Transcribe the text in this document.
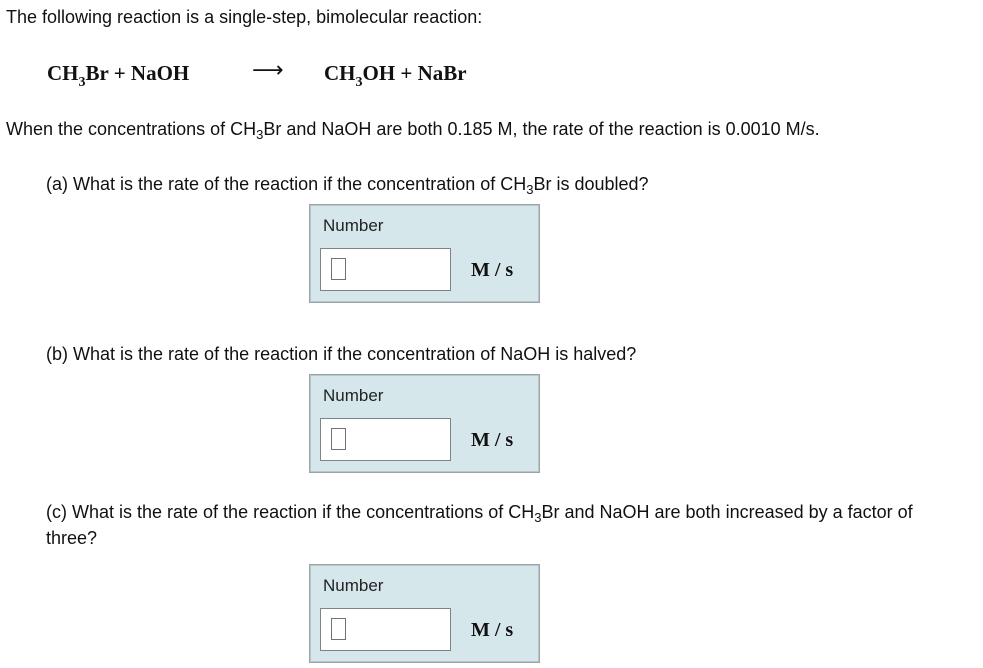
The following reaction is a single-step, bimolecular reaction:
$CH_3Br$ + NaOH	⟶ $CH_3OH$ + NaBr
When the concentrations of $CH_3Br$ and NaOH are both 0.185 M, the rate of the reaction is 0.0010 M/s.
(a) What is the rate of the reaction if the concentration of $CH_3Br$ is doubled?
Number
M / s
(b) What is the rate of the reaction if the concentration of NaOH is halved?
Number
M / s
(c) What is the rate of the reaction if the concentrations of $CH_3Br$ and NaOH are both increased by a factor of three?
Number
M / s
